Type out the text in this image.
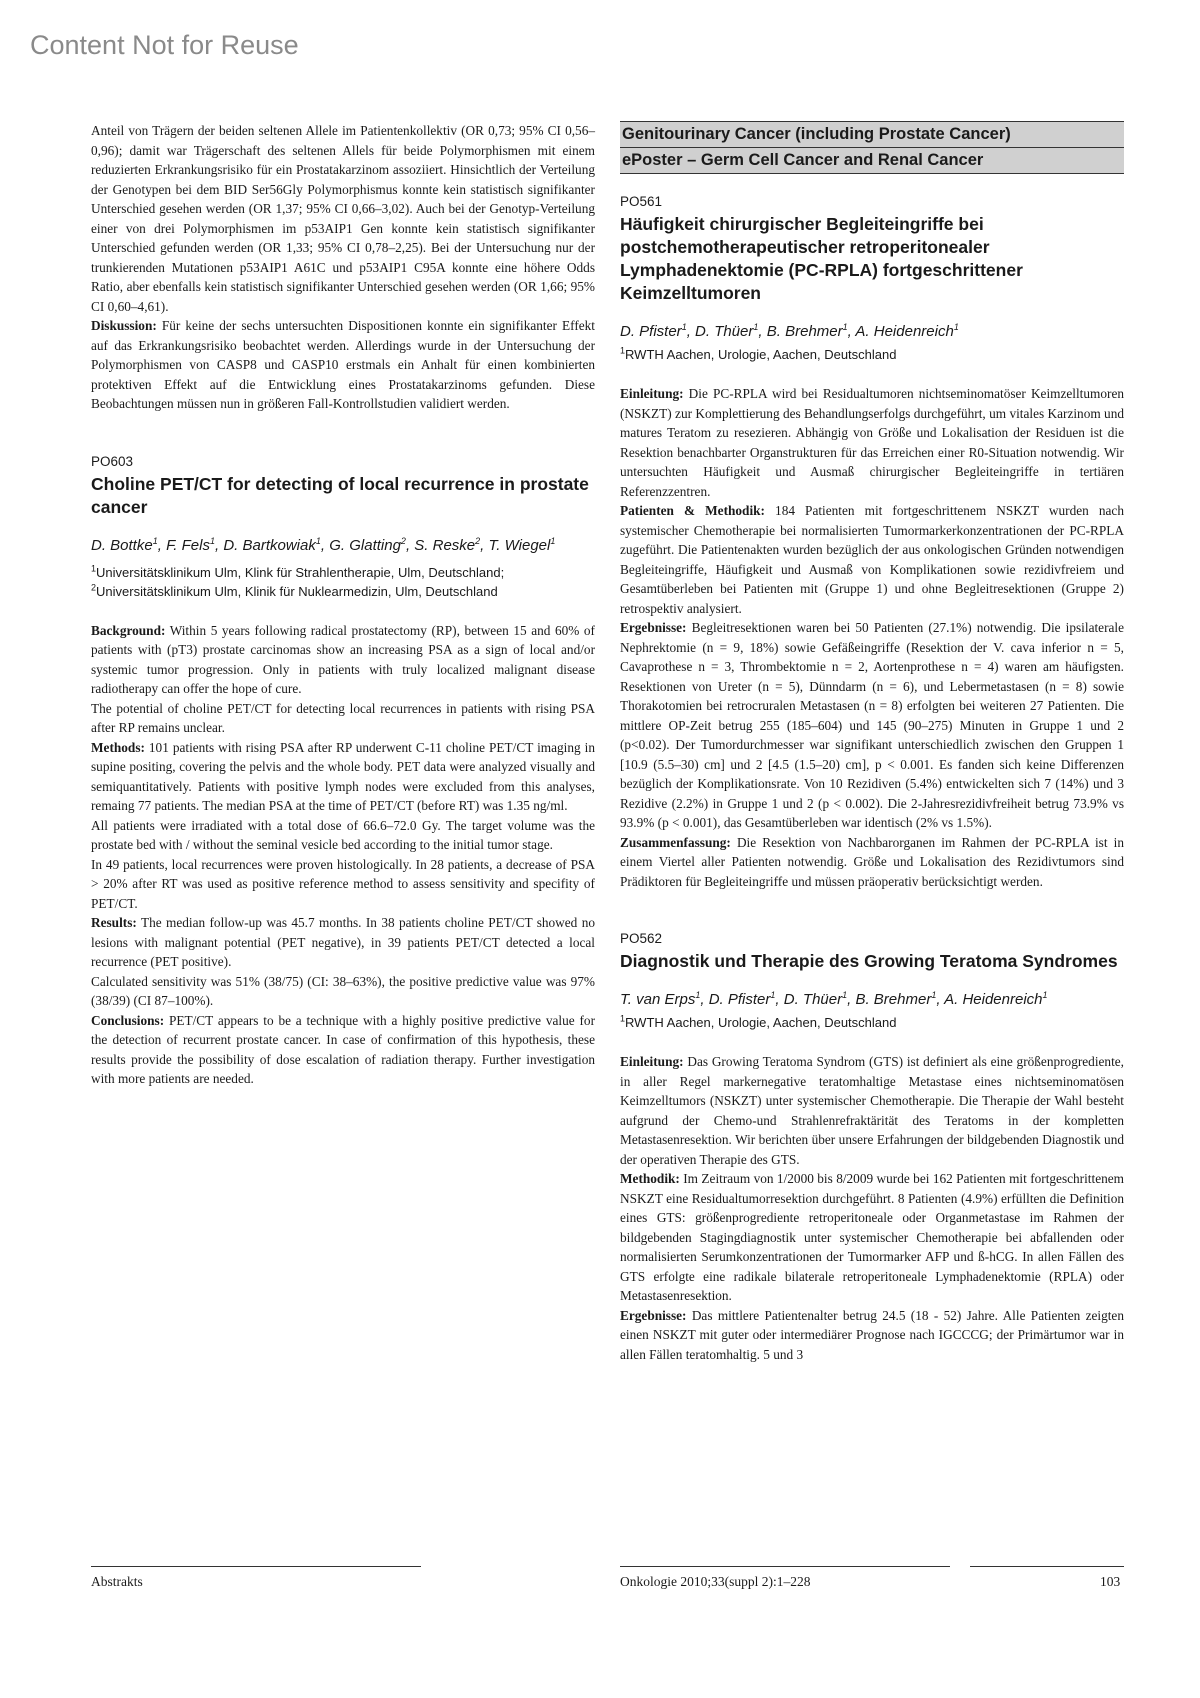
Content Not for Reuse

Anteil von Trägern der beiden seltenen Allele im Patientenkollektiv (OR 0,73; 95% CI 0,56–0,96); damit war Trägerschaft des seltenen Allels für beide Polymorphismen mit einem reduzierten Erkrankungsrisiko für ein Prostatakarzinom assoziiert. Hinsichtlich der Verteilung der Genotypen bei dem BID Ser56Gly Polymorphismus konnte kein statistisch signifikanter Unterschied gesehen werden (OR 1,37; 95% CI 0,66–3,02). Auch bei der Genotyp-Verteilung einer von drei Polymorphismen im p53AIP1 Gen konnte kein statistisch signifikanter Unterschied gefunden werden (OR 1,33; 95% CI 0,78–2,25). Bei der Untersuchung nur der trunkierenden Mutationen p53AIP1 A61C und p53AIP1 C95A konnte eine höhere Odds Ratio, aber ebenfalls kein statistisch signifikanter Unterschied gesehen werden (OR 1,66; 95% CI 0,60–4,61).

Diskussion: Für keine der sechs untersuchten Dispositionen konnte ein signifikanter Effekt auf das Erkrankungsrisiko beobachtet werden. Allerdings wurde in der Untersuchung der Polymorphismen von CASP8 und CASP10 erstmals ein Anhalt für einen kombinierten protektiven Effekt auf die Entwicklung eines Prostatakarzinoms gefunden. Diese Beobachtungen müssen nun in größeren Fall-Kontrollstudien validiert werden.

PO603

Choline PET/CT for detecting of local recurrence in prostate cancer

D. Bottke$^1$, F. Fels$^1$, D. Bartkowiak$^1$, G. Glatting$^2$, S. Reske$^2$, T. Wiegel$^1$

$^1$Universitätsklinikum Ulm, Klink für Strahlentherapie, Ulm, Deutschland;

$^2$Universitätsklinikum Ulm, Klinik für Nuklearmedizin, Ulm, Deutschland

Background: Within 5 years following radical prostatectomy (RP), between 15 and 60% of patients with (pT3) prostate carcinomas show an increasing PSA as a sign of local and/or systemic tumor progression. Only in patients with truly localized malignant disease radiotherapy can offer the hope of cure.

The potential of choline PET/CT for detecting local recurrences in patients with rising PSA after RP remains unclear.

Methods: 101 patients with rising PSA after RP underwent C-11 choline PET/CT imaging in supine positing, covering the pelvis and the whole body. PET data were analyzed visually and semiquantitatively. Patients with positive lymph nodes were excluded from this analyses, remaing 77 patients. The median PSA at the time of PET/CT (before RT) was 1.35 ng/ml.

All patients were irradiated with a total dose of 66.6–72.0 Gy. The target volume was the prostate bed with / without the seminal vesicle bed according to the initial tumor stage.

In 49 patients, local recurrences were proven histologically. In 28 patients, a decrease of PSA > 20% after RT was used as positive reference method to assess sensitivity and specifity of PET/CT.

Results: The median follow-up was 45.7 months. In 38 patients choline PET/CT showed no lesions with malignant potential (PET negative), in 39 patients PET/CT detected a local recurrence (PET positive).

Calculated sensitivity was 51% (38/75) (CI: 38–63%), the positive predictive value was 97% (38/39) (CI 87–100%).

Conclusions: PET/CT appears to be a technique with a highly positive predictive value for the detection of recurrent prostate cancer. In case of confirmation of this hypothesis, these results provide the possibility of dose escalation of radiation therapy. Further investigation with more patients are needed.

Genitourinary Cancer (including Prostate Cancer)

ePoster – Germ Cell Cancer and Renal Cancer

PO561

Häufigkeit chirurgischer Begleiteingriffe bei postchemotherapeutischer retroperitonealer Lymphadenektomie (PC-RPLA) fortgeschrittener Keimzelltumoren

D. Pfister$^1$, D. Thüer$^1$, B. Brehmer$^1$, A. Heidenreich$^1$

$^1$RWTH Aachen, Urologie, Aachen, Deutschland

Einleitung: Die PC-RPLA wird bei Residualtumoren nichtseminomatöser Keimzelltumoren (NSKZT) zur Komplettierung des Behandlungserfolgs durchgeführt, um vitales Karzinom und matures Teratom zu resezieren. Abhängig von Größe und Lokalisation der Residuen ist die Resektion benachbarter Organstrukturen für das Erreichen einer R0-Situation notwendig. Wir untersuchten Häufigkeit und Ausmaß chirurgischer Begleiteingriffe in tertiären Referenzzentren.

Patienten & Methodik: 184 Patienten mit fortgeschrittenem NSKZT wurden nach systemischer Chemotherapie bei normalisierten Tumormarkerkonzentrationen der PC-RPLA zugeführt. Die Patientenakten wurden bezüglich der aus onkologischen Gründen notwendigen Begleiteingriffe, Häufigkeit und Ausmaß von Komplikationen sowie rezidivfreiem und Gesamtüberleben bei Patienten mit (Gruppe 1) und ohne Begleitresektionen (Gruppe 2) retrospektiv analysiert.

Ergebnisse: Begleitresektionen waren bei 50 Patienten (27.1%) notwendig. Die ipsilaterale Nephrektomie (n = 9, 18%) sowie Gefäßeingriffe (Resektion der V. cava inferior n = 5, Cavaprothese n = 3, Thrombektomie n = 2, Aortenprothese n = 4) waren am häufigsten. Resektionen von Ureter (n = 5), Dünndarm (n = 6), und Lebermetastasen (n = 8) sowie Thorakotomien bei retrocruralen Metastasen (n = 8) erfolgten bei weiteren 27 Patienten. Die mittlere OP-Zeit betrug 255 (185–604) und 145 (90–275) Minuten in Gruppe 1 und 2 (p<0.02). Der Tumordurchmesser war signifikant unterschiedlich zwischen den Gruppen 1 [10.9 (5.5–30) cm] und 2 [4.5 (1.5–20) cm], p < 0.001. Es fanden sich keine Differenzen bezüglich der Komplikationsrate. Von 10 Rezidiven (5.4%) entwickelten sich 7 (14%) und 3 Rezidive (2.2%) in Gruppe 1 und 2 (p < 0.002). Die 2-Jahresrezidivfreiheit betrug 73.9% vs 93.9% (p < 0.001), das Gesamtüberleben war identisch (2% vs 1.5%).

Zusammenfassung: Die Resektion von Nachbarorganen im Rahmen der PC-RPLA ist in einem Viertel aller Patienten notwendig. Größe und Lokalisation des Rezidivtumors sind Prädiktoren für Begleiteingriffe und müssen präoperativ berücksichtigt werden.

PO562

Diagnostik und Therapie des Growing Teratoma Syndromes

T. van Erps$^1$, D. Pfister$^1$, D. Thüer$^1$, B. Brehmer$^1$, A. Heidenreich$^1$

$^1$RWTH Aachen, Urologie, Aachen, Deutschland

Einleitung: Das Growing Teratoma Syndrom (GTS) ist definiert als eine größenprogrediente, in aller Regel markernegative teratomhaltige Metastase eines nichtseminomatösen Keimzelltumors (NSKZT) unter systemischer Chemotherapie. Die Therapie der Wahl besteht aufgrund der Chemo-und Strahlenrefraktärität des Teratoms in der kompletten Metastasenresektion. Wir berichten über unsere Erfahrungen der bildgebenden Diagnostik und der operativen Therapie des GTS.

Methodik: Im Zeitraum von 1/2000 bis 8/2009 wurde bei 162 Patienten mit fortgeschrittenem NSKZT eine Residualtumorresektion durchgeführt. 8 Patienten (4.9%) erfüllten die Definition eines GTS: größenprogrediente retroperitoneale oder Organmetastase im Rahmen der bildgebenden Stagingdiagnostik unter systemischer Chemotherapie bei abfallenden oder normalisierten Serumkonzentrationen der Tumormarker AFP und ß-hCG. In allen Fällen des GTS erfolgte eine radikale bilaterale retroperitoneale Lymphadenektomie (RPLA) oder Metastasenresektion.

Ergebnisse: Das mittlere Patientenalter betrug 24.5 (18 - 52) Jahre. Alle Patienten zeigten einen NSKZT mit guter oder intermediärer Prognose nach IGCCCG; der Primärtumor war in allen Fällen teratomhaltig. 5 und 3

Abstrakts	Onkologie 2010;33(suppl 2):1–228	103
